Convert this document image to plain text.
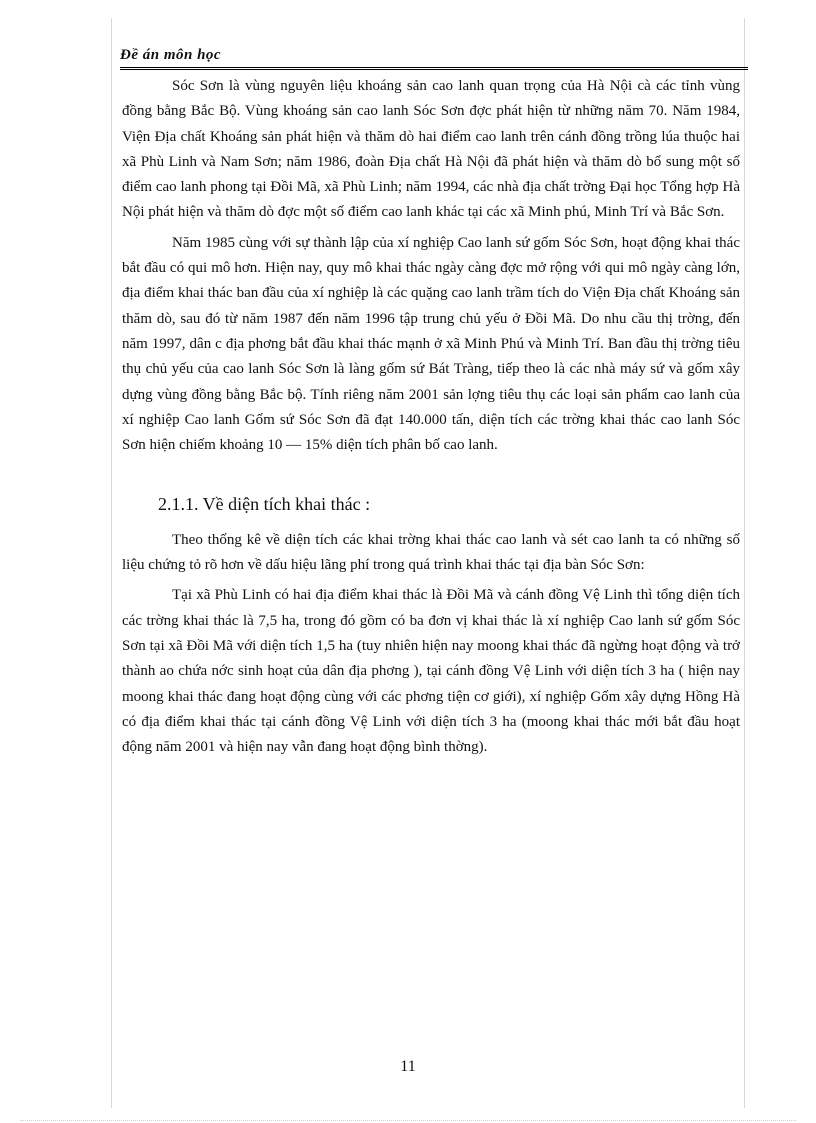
Đề án môn học

Sóc Sơn là vùng nguyên liệu khoáng sản cao lanh quan trọng của Hà Nội cà các tỉnh vùng đồng bằng Bắc Bộ. Vùng khoáng sản cao lanh Sóc Sơn đợc phát hiện từ những năm 70. Năm 1984, Viện Địa chất Khoáng sản phát hiện và thăm dò hai điểm cao lanh trên cánh đồng trồng lúa thuộc hai xã Phù Linh và Nam Sơn; năm 1986, đoàn Địa chất Hà Nội đã phát hiện và thăm dò bổ sung một số điểm cao lanh phong tại Đồi Mã, xã Phù Linh; năm 1994, các nhà địa chất trờng Đại học Tổng hợp Hà Nội phát hiện và thăm dò đợc một số điểm cao lanh khác tại các xã Minh phú, Minh Trí và Bắc Sơn.

Năm 1985 cùng với sự thành lập của xí nghiệp Cao lanh sứ gốm Sóc Sơn, hoạt động khai thác bắt đầu có qui mô hơn. Hiện nay, quy mô khai thác ngày càng đợc mở rộng với qui mô ngày càng lớn, địa điểm khai thác ban đầu của xí nghiệp là các quặng cao lanh trầm tích do Viện Địa chất Khoáng sản thăm dò, sau đó từ năm 1987 đến năm 1996 tập trung chủ yếu ở Đồi Mã. Do nhu cầu thị trờng, đến năm 1997, dân c địa phơng bắt đầu khai thác mạnh ở xã Minh Phú và Minh Trí. Ban đầu thị trờng tiêu thụ chủ yếu của cao lanh Sóc Sơn là làng gốm sứ Bát Tràng, tiếp theo là các nhà máy sứ và gốm xây dựng vùng đồng bằng Bắc bộ. Tính riêng năm 2001 sản lợng tiêu thụ các loại sản phẩm cao lanh của xí nghiệp Cao lanh Gốm sứ Sóc Sơn đã đạt 140.000 tấn, diện tích các trờng khai thác cao lanh Sóc Sơn hiện chiếm khoảng 10 — 15% diện tích phân bố cao lanh.

2.1.1. Về diện tích khai thác :

Theo thống kê về diện tích các khai trờng khai thác cao lanh và sét cao lanh ta có những số liệu chứng tỏ rõ hơn về dấu hiệu lãng phí trong quá trình khai thác tại địa bàn Sóc Sơn:

Tại xã Phù Linh có hai địa điểm khai thác là Đồi Mã và cánh đồng Vệ Linh thì tổng diện tích các trờng khai thác là 7,5 ha, trong đó gồm có ba đơn vị khai thác là xí nghiệp Cao lanh sứ gốm Sóc Sơn tại xã Đồi Mã với diện tích 1,5 ha (tuy nhiên hiện nay moong khai thác đã ngừng hoạt động và trở thành ao chứa nớc sinh hoạt của dân địa phơng ), tại cánh đồng Vệ Linh với diện tích 3 ha ( hiện nay moong khai thác đang hoạt động cùng với các phơng tiện cơ giới), xí nghiệp Gốm xây dựng Hồng Hà có địa điểm khai thác tại cánh đồng Vệ Linh với diện tích 3 ha (moong khai thác mới bắt đầu hoạt động năm 2001 và hiện nay vẫn đang hoạt động bình thờng).

11
